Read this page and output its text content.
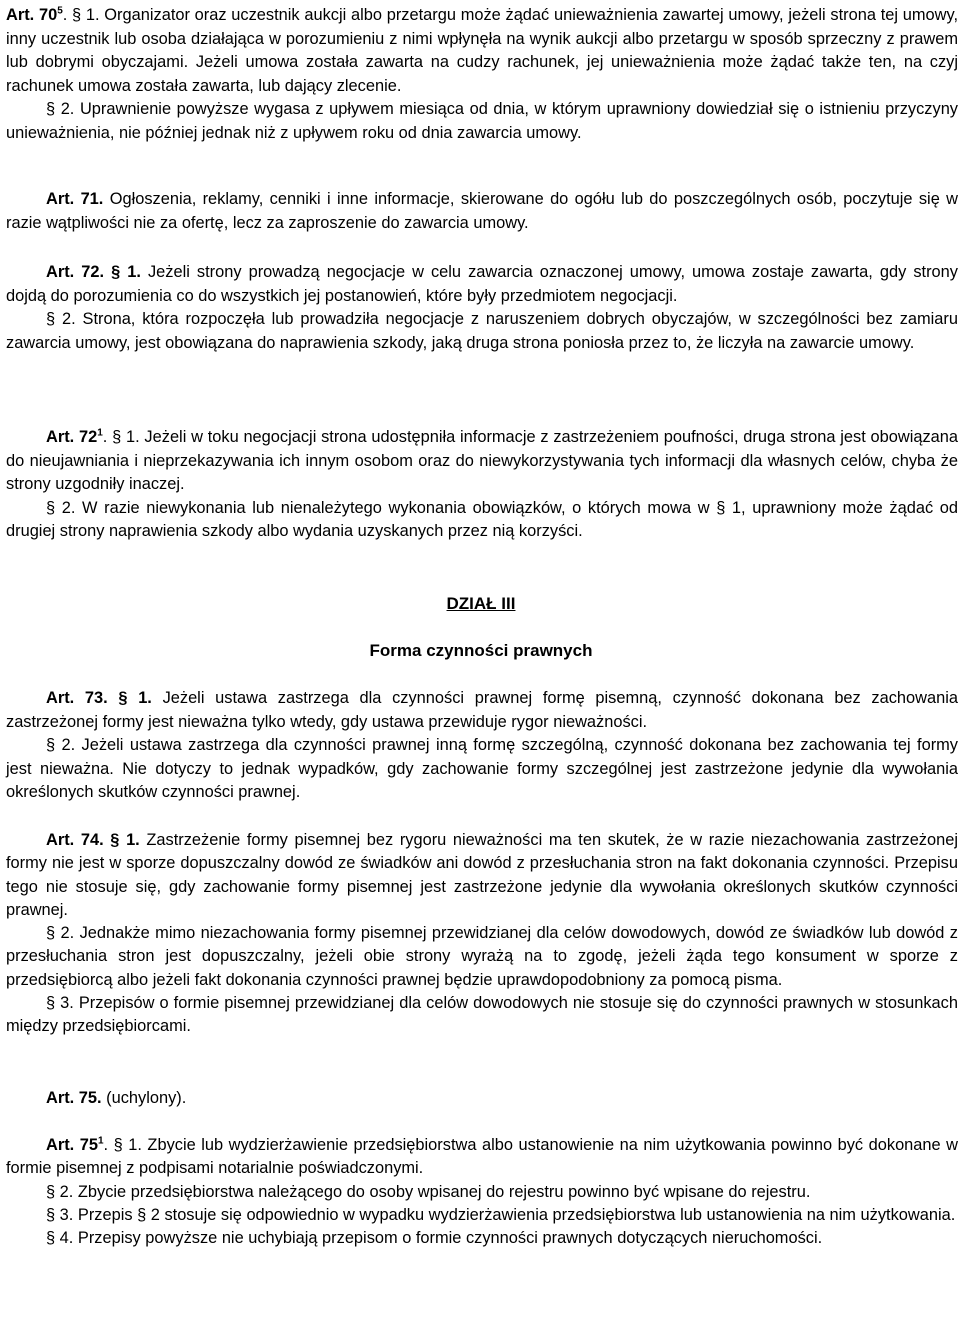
Art. $70^5$. § 1. Organizator oraz uczestnik aukcji albo przetargu może żądać unieważnienia zawartej umowy, jeżeli strona tej umowy, inny uczestnik lub osoba działająca w porozumieniu z nimi wpłynęła na wynik aukcji albo przetargu w sposób sprzeczny z prawem lub dobrymi obyczajami. Jeżeli umowa została zawarta na cudzy rachunek, jej unieważnienia może żądać także ten, na czyj rachunek umowa została zawarta, lub dający zlecenie.

§ 2. Uprawnienie powyższe wygasa z upływem miesiąca od dnia, w którym uprawniony dowiedział się o istnieniu przyczyny unieważnienia, nie później jednak niż z upływem roku od dnia zawarcia umowy.

Art. 71. Ogłoszenia, reklamy, cenniki i inne informacje, skierowane do ogółu lub do poszczególnych osób, poczytuje się w razie wątpliwości nie za ofertę, lecz za zaproszenie do zawarcia umowy.

Art. 72. § 1. Jeżeli strony prowadzą negocjacje w celu zawarcia oznaczonej umowy, umowa zostaje zawarta, gdy strony dojdą do porozumienia co do wszystkich jej postanowień, które były przedmiotem negocjacji.

§ 2. Strona, która rozpoczęła lub prowadziła negocjacje z naruszeniem dobrych obyczajów, w szczególności bez zamiaru zawarcia umowy, jest obowiązana do naprawienia szkody, jaką druga strona poniosła przez to, że liczyła na zawarcie umowy.

Art. $72^1$. § 1. Jeżeli w toku negocjacji strona udostępniła informacje z zastrzeżeniem poufności, druga strona jest obowiązana do nieujawniania i nieprzekazywania ich innym osobom oraz do niewykorzystywania tych informacji dla własnych celów, chyba że strony uzgodniły inaczej.

§ 2. W razie niewykonania lub nienależytego wykonania obowiązków, o których mowa w § 1, uprawniony może żądać od drugiej strony naprawienia szkody albo wydania uzyskanych przez nią korzyści.

DZIAŁ III
Forma czynności prawnych

Art. 73. § 1. Jeżeli ustawa zastrzega dla czynności prawnej formę pisemną, czynność dokonana bez zachowania zastrzeżonej formy jest nieważna tylko wtedy, gdy ustawa przewiduje rygor nieważności.

§ 2. Jeżeli ustawa zastrzega dla czynności prawnej inną formę szczególną, czynność dokonana bez zachowania tej formy jest nieważna. Nie dotyczy to jednak wypadków, gdy zachowanie formy szczególnej jest zastrzeżone jedynie dla wywołania określonych skutków czynności prawnej.

Art. 74. § 1. Zastrzeżenie formy pisemnej bez rygoru nieważności ma ten skutek, że w razie niezachowania zastrzeżonej formy nie jest w sporze dopuszczalny dowód ze świadków ani dowód z przesłuchania stron na fakt dokonania czynności. Przepisu tego nie stosuje się, gdy zachowanie formy pisemnej jest zastrzeżone jedynie dla wywołania określonych skutków czynności prawnej.

§ 2. Jednakże mimo niezachowania formy pisemnej przewidzianej dla celów dowodowych, dowód ze świadków lub dowód z przesłuchania stron jest dopuszczalny, jeżeli obie strony wyrażą na to zgodę, jeżeli żąda tego konsument w sporze z przedsiębiorcą albo jeżeli fakt dokonania czynności prawnej będzie uprawdopodobniony za pomocą pisma.

§ 3. Przepisów o formie pisemnej przewidzianej dla celów dowodowych nie stosuje się do czynności prawnych w stosunkach między przedsiębiorcami.

Art. 75. (uchylony).

Art. $75^1$. § 1. Zbycie lub wydzierżawienie przedsiębiorstwa albo ustanowienie na nim użytkowania powinno być dokonane w formie pisemnej z podpisami notarialnie poświadczonymi.

§ 2. Zbycie przedsiębiorstwa należącego do osoby wpisanej do rejestru powinno być wpisane do rejestru.

§ 3. Przepis § 2 stosuje się odpowiednio w wypadku wydzierżawienia przedsiębiorstwa lub ustanowienia na nim użytkowania.

§ 4. Przepisy powyższe nie uchybiają przepisom o formie czynności prawnych dotyczących nieruchomości.
